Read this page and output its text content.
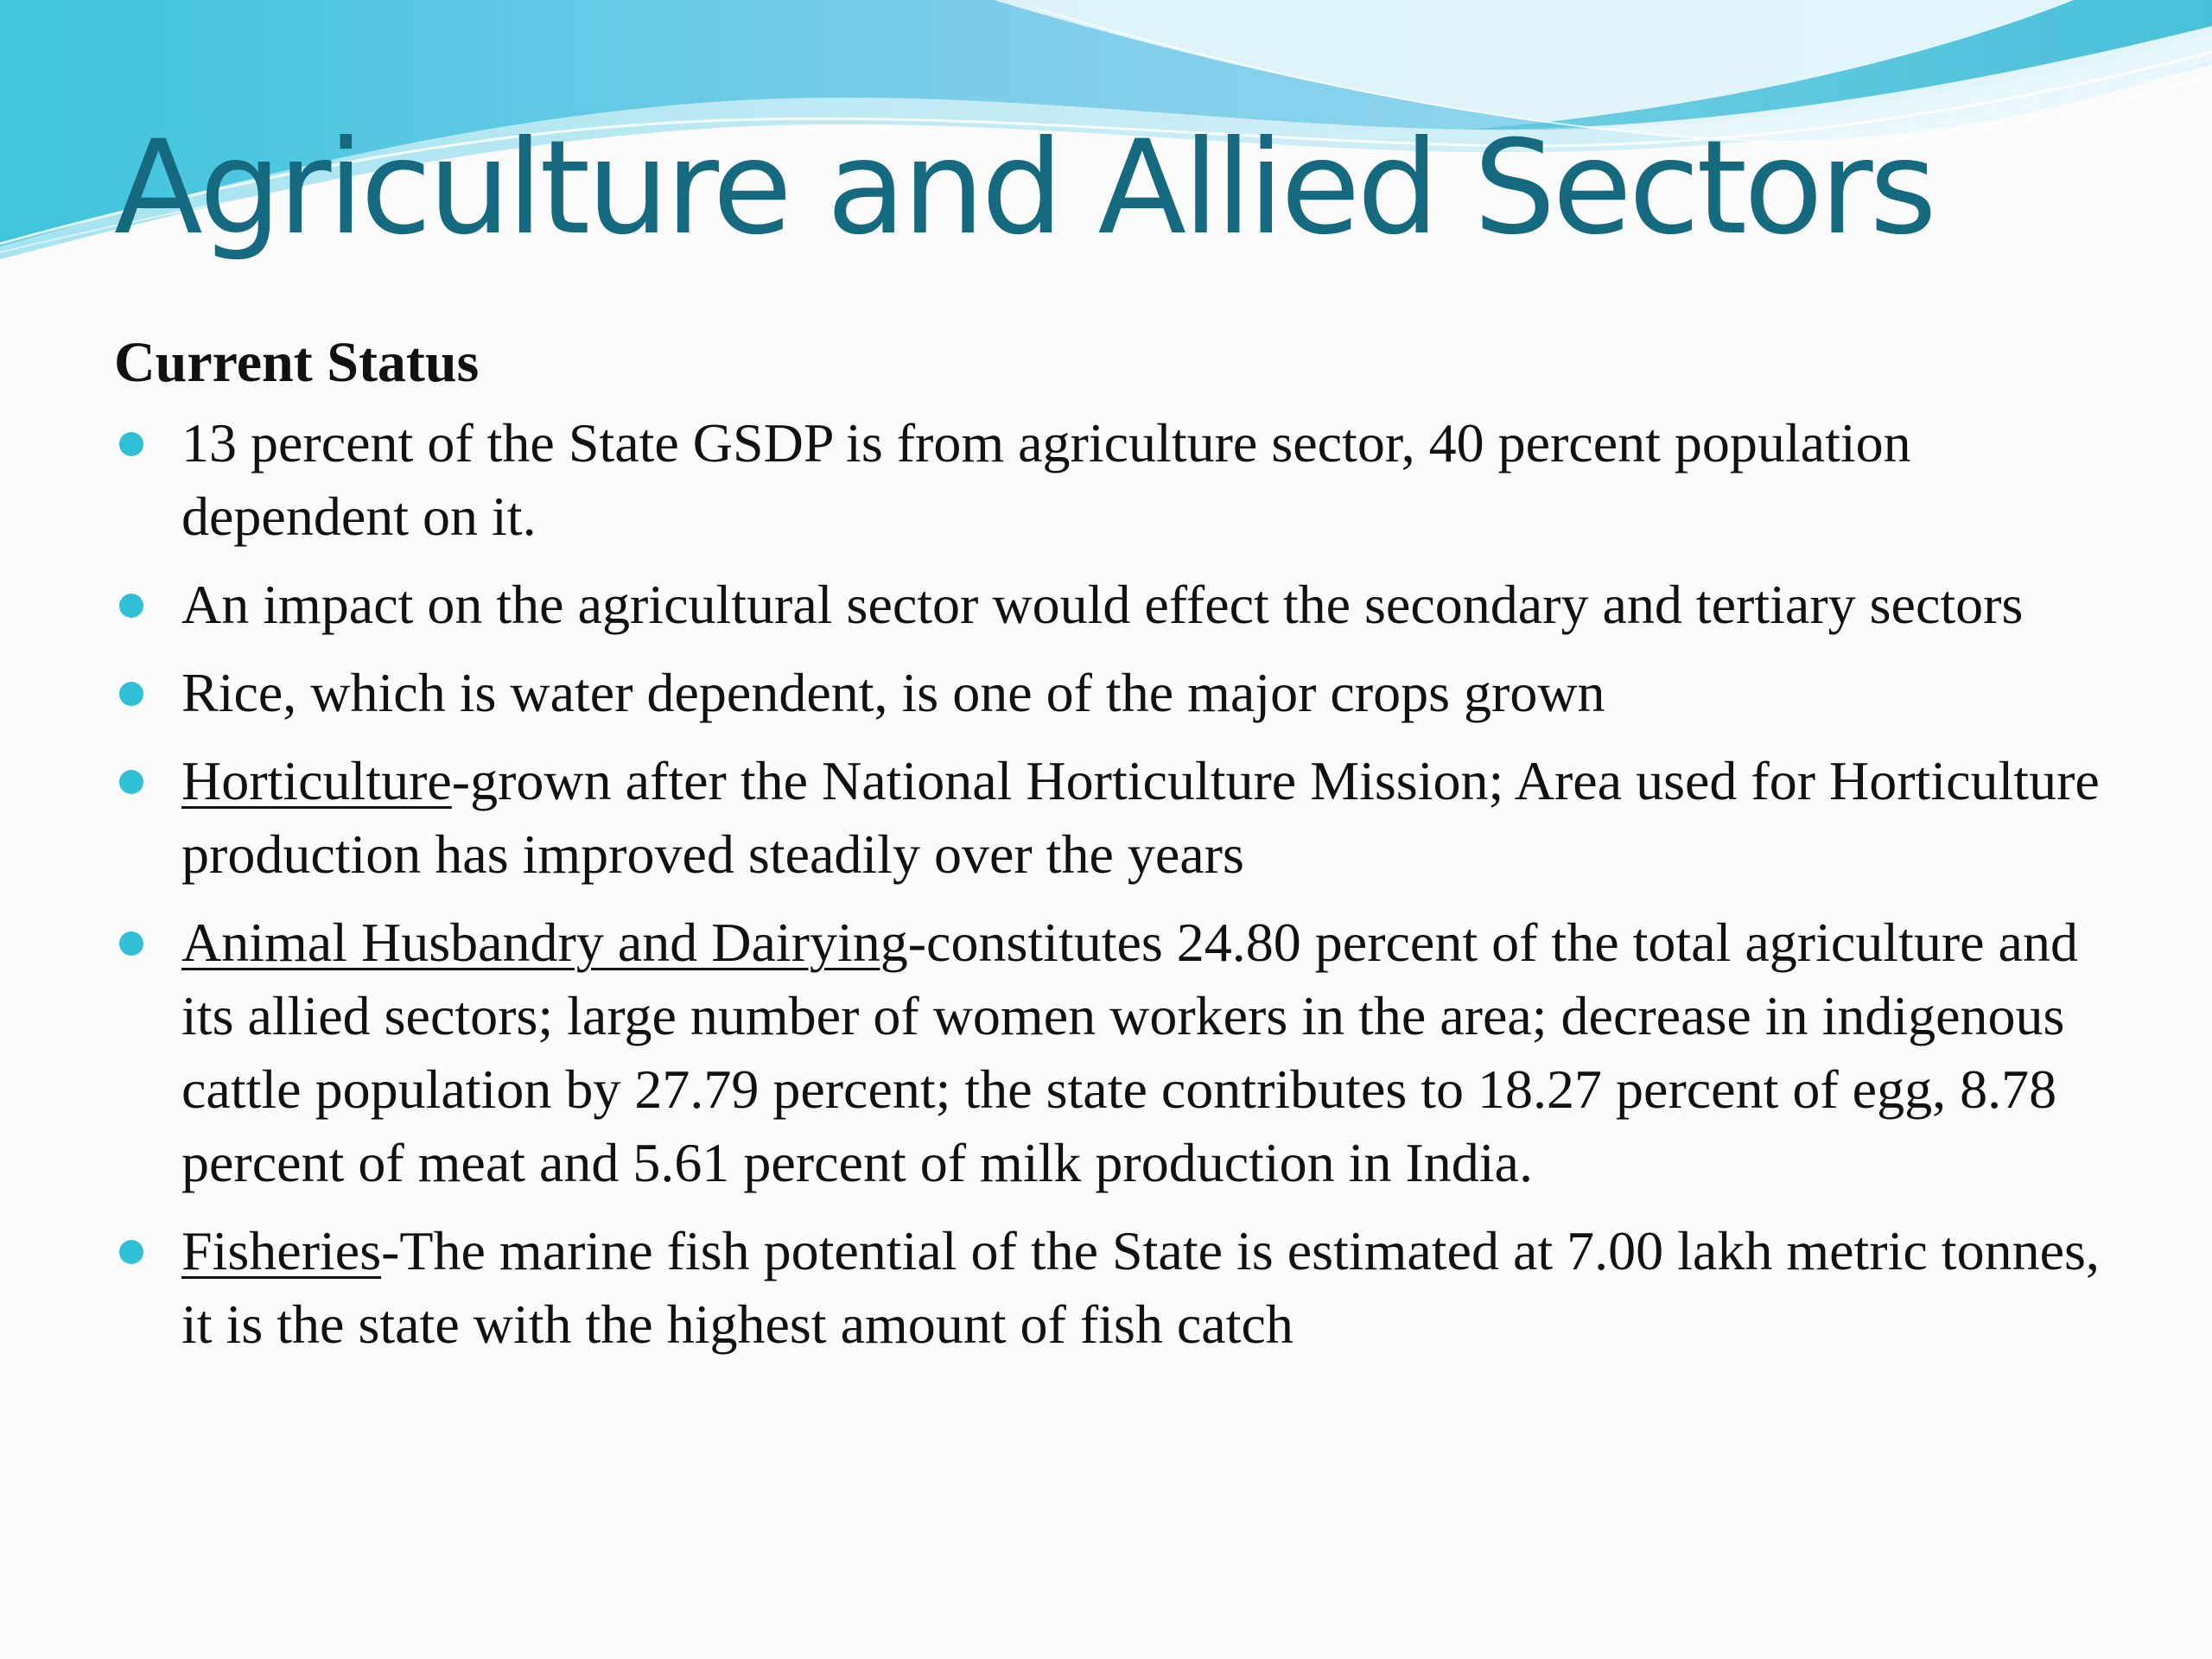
Agriculture and Allied Sectors
Current Status
13 percent of the State GSDP is from agriculture sector, 40 percent population dependent on it.
An impact on the agricultural sector would effect the secondary and tertiary sectors
Rice, which is water dependent, is one of the major crops grown
Horticulture-grown after the National Horticulture Mission; Area used for Horticulture production has improved steadily over the years
Animal Husbandry and Dairying-constitutes 24.80 percent of the total agriculture and its allied sectors; large number of women workers in the area; decrease in indigenous cattle population by 27.79 percent; the state contributes to 18.27 percent of egg, 8.78 percent of meat and 5.61 percent of milk production in India.
Fisheries-The marine fish potential of the State is estimated at 7.00 lakh metric tonnes, it is the state with the highest amount of fish catch
